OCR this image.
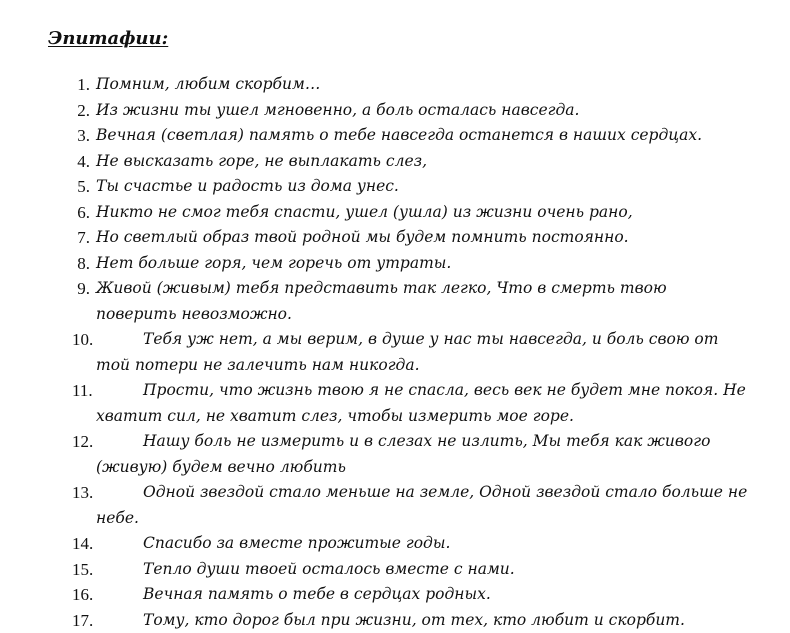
Эпитафии:
1. Помним, любим скорбим…
2. Из жизни ты ушел мгновенно, а боль осталась навсегда.
3. Вечная (светлая) память о тебе навсегда останется в наших сердцах.
4. Не высказать горе, не выплакать слез,
5. Ты счастье и радость из дома унес.
6. Никто не смог тебя спасти, ушел (ушла) из жизни очень рано,
7. Но светлый образ твой родной мы будем помнить постоянно.
8. Нет больше горя, чем горечь от утраты.
9. Живой (живым) тебя представить так легко, Что в смерть твою поверить невозможно.
10.	Тебя уж нет, а мы верим, в душе у нас ты навсегда, и боль свою от той потери не залечить нам никогда.
11.	Прости, что жизнь твою я не спасла, весь век не будет мне покоя. Не хватит сил, не хватит слез, чтобы измерить мое горе.
12.	Нашу боль не измерить и в слезах не излить, Мы тебя как живого (живую) будем вечно любить
13.	Одной звездой стало меньше на земле, Одной звездой стало больше не небе.
14.	Спасибо за вместе прожитые годы.
15.	Тепло души твоей осталось вместе с нами.
16.	Вечная память о тебе в сердцах родных.
17.	Тому, кто дорог был при жизни, от тех, кто любит и скорбит.
